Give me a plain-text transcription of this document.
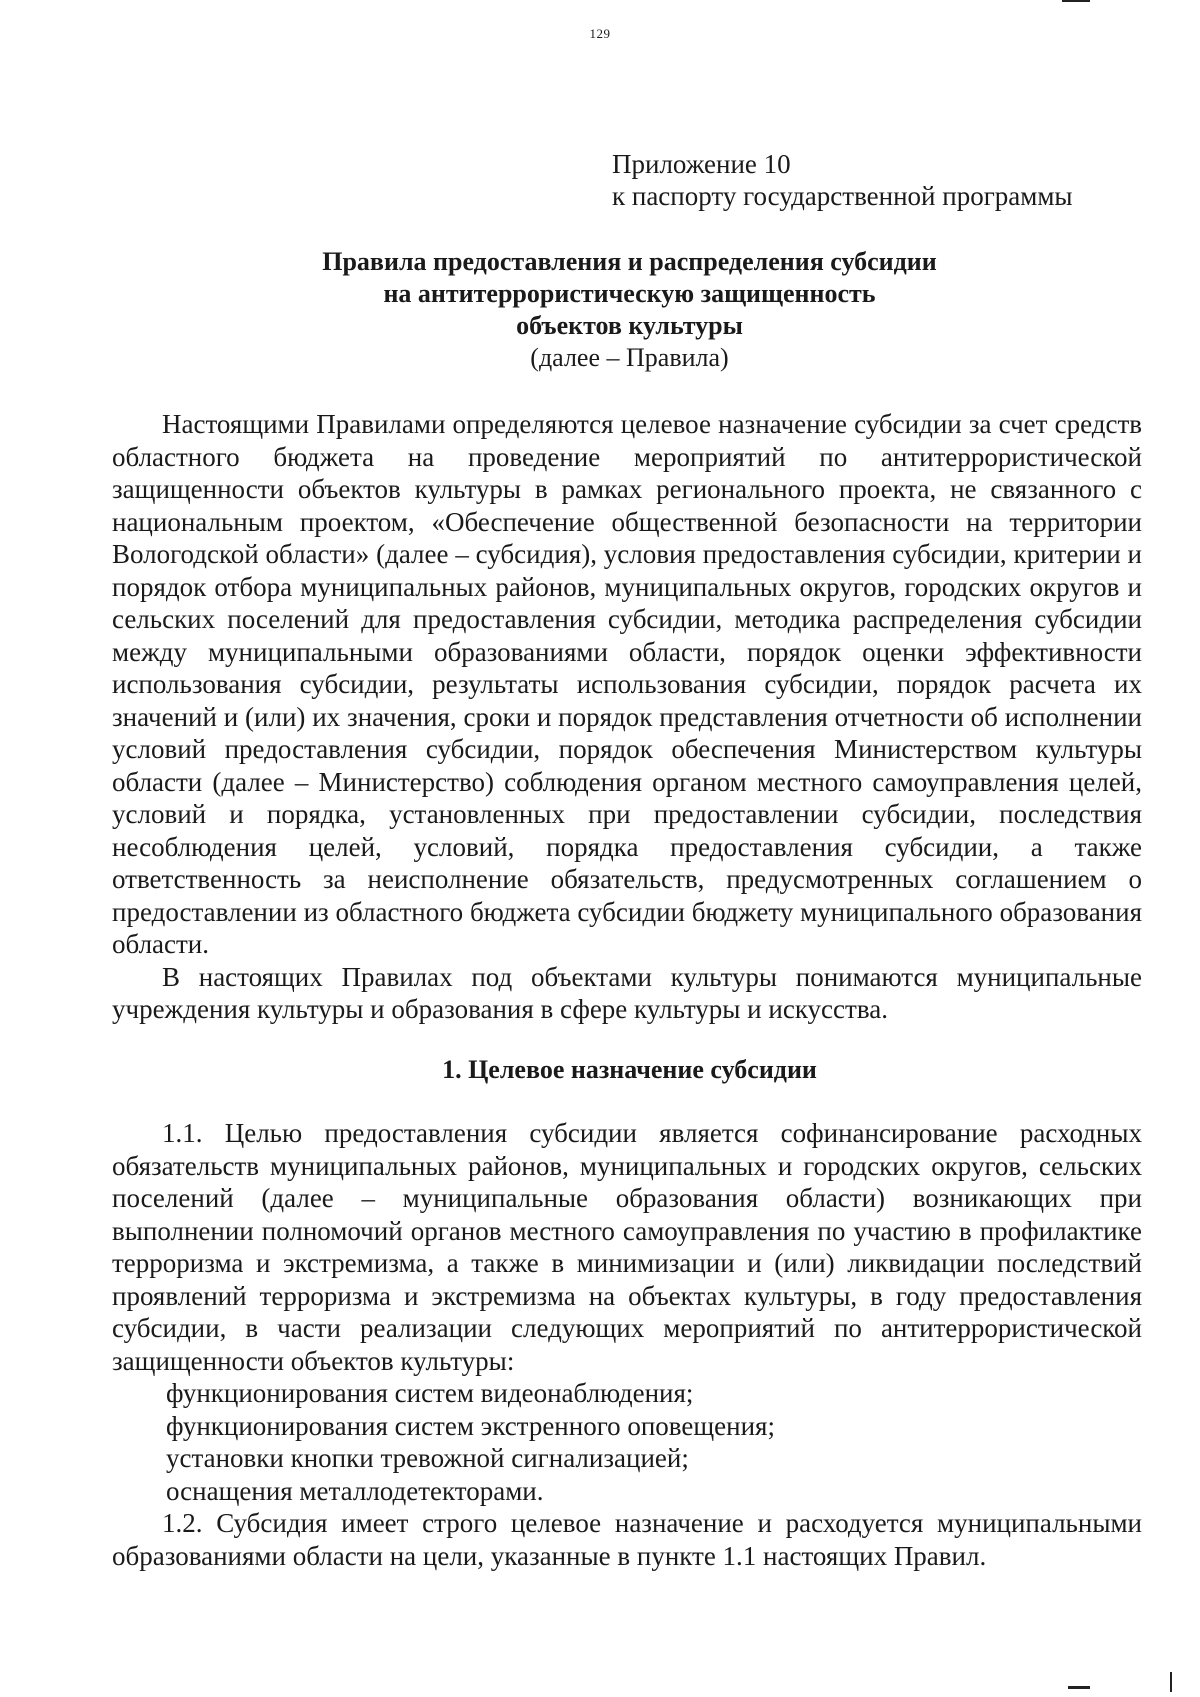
129
Приложение 10
к паспорту государственной программы
Правила предоставления и распределения субсидии
на антитеррористическую защищенность
объектов культуры
(далее – Правила)

Настоящими Правилами определяются целевое назначение субсидии за счет средств областного бюджета на проведение мероприятий по антитеррористической защищенности объектов культуры в рамках регионального проекта, не связанного с национальным проектом, «Обеспечение общественной безопасности на территории Вологодской области» (далее – субсидия), условия предоставления субсидии, критерии и порядок отбора муниципальных районов, муниципальных округов, городских округов и сельских поселений для предоставления субсидии, методика распределения субсидии между муниципальными образованиями области, порядок оценки эффективности использования субсидии, результаты использования субсидии, порядок расчета их значений и (или) их значения, сроки и порядок представления отчетности об исполнении условий предоставления субсидии, порядок обеспечения Министерством культуры области (далее – Министерство) соблюдения органом местного самоуправления целей, условий и порядка, установленных при предоставлении субсидии, последствия несоблюдения целей, условий, порядка предоставления субсидии, а также ответственность за неисполнение обязательств, предусмотренных соглашением о предоставлении из областного бюджета субсидии бюджету муниципального образования области.

В настоящих Правилах под объектами культуры понимаются муниципальные учреждения культуры и образования в сфере культуры и искусства.

1. Целевое назначение субсидии

1.1. Целью предоставления субсидии является софинансирование расходных обязательств муниципальных районов, муниципальных и городских округов, сельских поселений (далее – муниципальные образования области) возникающих при выполнении полномочий органов местного самоуправления по участию в профилактике терроризма и экстремизма, а также в минимизации и (или) ликвидации последствий проявлений терроризма и экстремизма на объектах культуры, в году предоставления субсидии, в части реализации следующих мероприятий по антитеррористической защищенности объектов культуры:

функционирования систем видеонаблюдения;

функционирования систем экстренного оповещения;

установки кнопки тревожной сигнализацией;

оснащения металлодетекторами.

1.2. Субсидия имеет строго целевое назначение и расходуется муниципальными образованиями области на цели, указанные в пункте 1.1 настоящих Правил.
